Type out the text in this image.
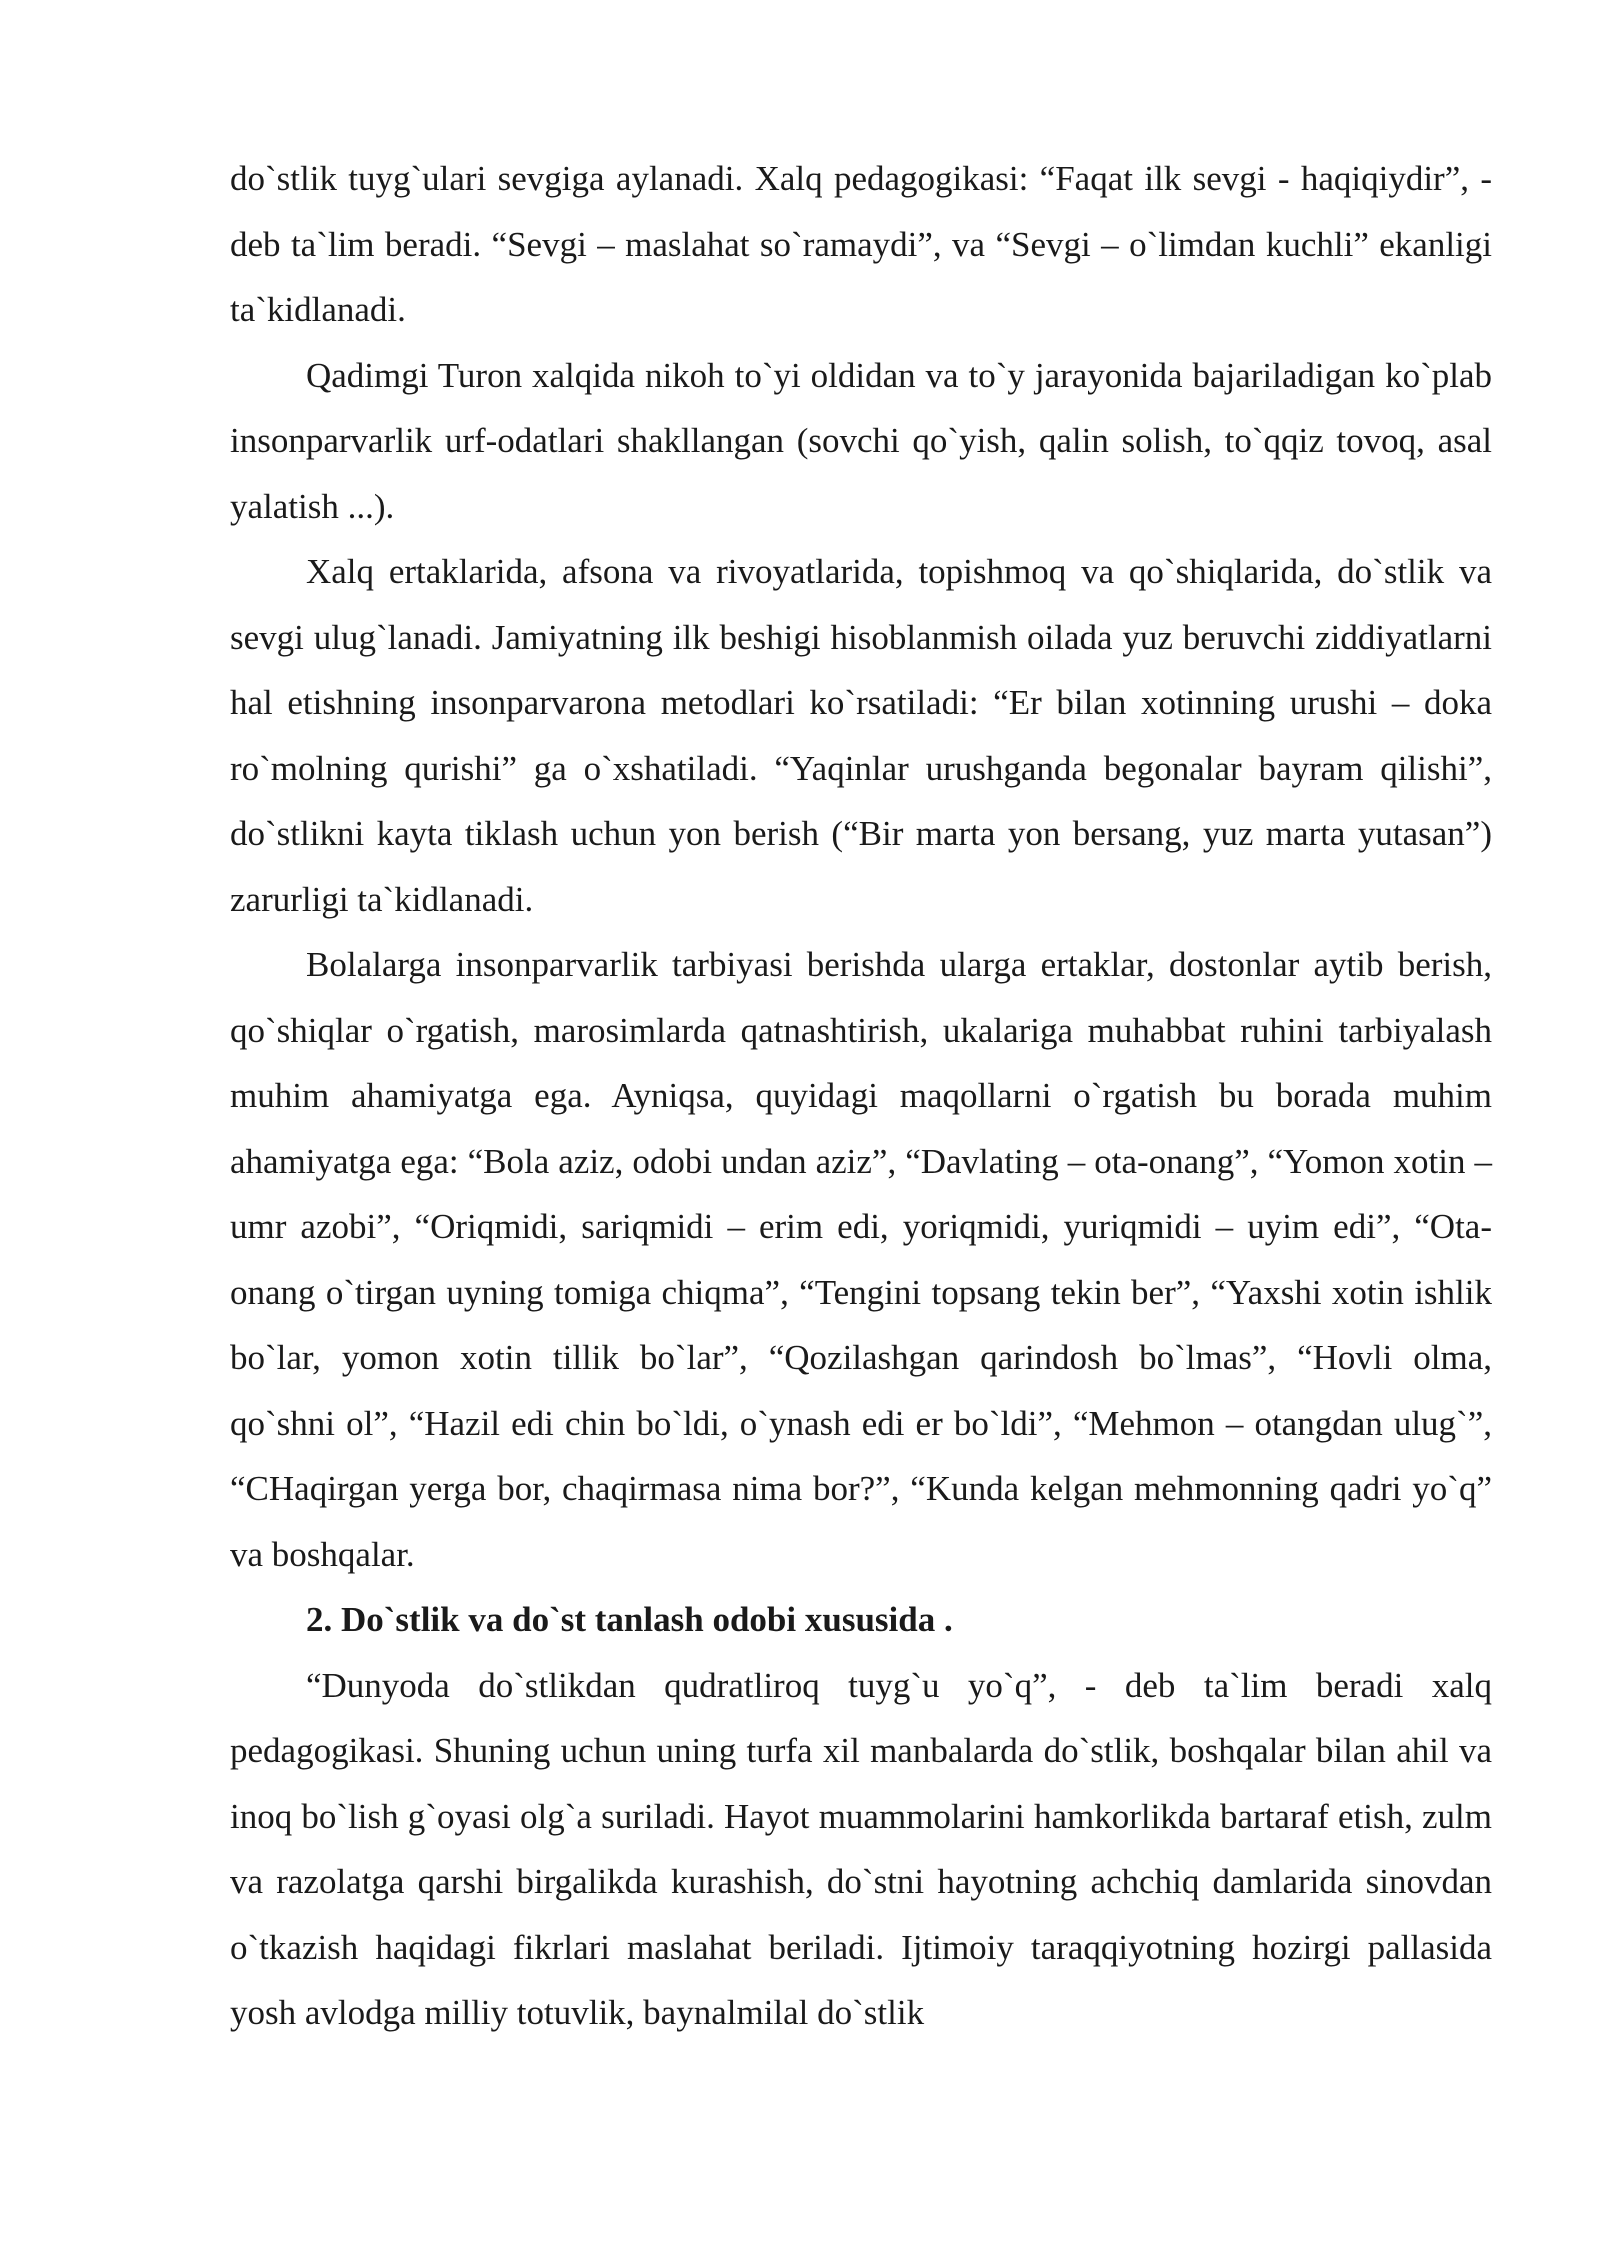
do`stlik tuyg`ulari sevgiga aylanadi. Xalq pedagogikasi: “Faqat ilk sevgi - haqiqiydir”, - deb ta`lim beradi. “Sevgi – maslahat so`ramaydi”, va “Sevgi – o`limdan kuchli” ekanligi ta`kidlanadi.

Qadimgi Turon xalqida nikoh to`yi oldidan va to`y jarayonida bajariladigan ko`plab insonparvarlik urf-odatlari shakllangan (sovchi qo`yish, qalin solish, to`qqiz tovoq, asal yalatish ...).

Xalq ertaklarida, afsona va rivoyatlarida, topishmoq va qo`shiqlarida, do`stlik va sevgi ulug`lanadi. Jamiyatning ilk beshigi hisoblanmish oilada yuz beruvchi ziddiyatlarni hal etishning insonparvarona metodlari ko`rsatiladi: “Er bilan xotinning urushi – doka ro`molning qurishi” ga o`xshatiladi. “Yaqinlar urushganda begonalar bayram qilishi”, do`stlikni kayta tiklash uchun yon berish (“Bir marta yon bersang, yuz marta yutasan”) zarurligi ta`kidlanadi.

Bolalarga insonparvarlik tarbiyasi berishda ularga ertaklar, dostonlar aytib berish, qo`shiqlar o`rgatish, marosimlarda qatnashtirish, ukalariga muhabbat ruhini tarbiyalash muhim ahamiyatga ega. Ayniqsa, quyidagi maqollarni o`rgatish bu borada muhim ahamiyatga ega: “Bola aziz, odobi undan aziz”, “Davlating – ota-onang”, “Yomon xotin – umr azobi”, “Oriqmidi, sariqmidi – erim edi, yoriqmidi, yuriqmidi – uyim edi”, “Ota-onang o`tirgan uyning tomiga chiqma”, “Tengini topsang tekin ber”, “Yaxshi xotin ishlik bo`lar, yomon xotin tillik bo`lar”, “Qozilashgan qarindosh bo`lmas”, “Hovli olma, qo`shni ol”, “Hazil edi chin bo`ldi, o`ynash edi er bo`ldi”, “Mehmon – otangdan ulug`”, “CHaqirgan yerga bor, chaqirmasa nima bor?”, “Kunda kelgan mehmonning qadri yo`q” va boshqalar.

2. Do`stlik va do`st tanlash odobi xususida .

“Dunyoda do`stlikdan qudratliroq tuyg`u yo`q”, - deb ta`lim beradi xalq pedagogikasi. Shuning uchun uning turfa xil manbalarda do`stlik, boshqalar bilan ahil va inoq bo`lish g`oyasi olg`a suriladi. Hayot muammolarini hamkorlikda bartaraf etish, zulm va razolatga qarshi birgalikda kurashish, do`stni hayotning achchiq damlarida sinovdan o`tkazish haqidagi fikrlari maslahat beriladi. Ijtimoiy taraqqiyotning hozirgi pallasida yosh avlodga milliy totuvlik, baynalmilal do`stlik
